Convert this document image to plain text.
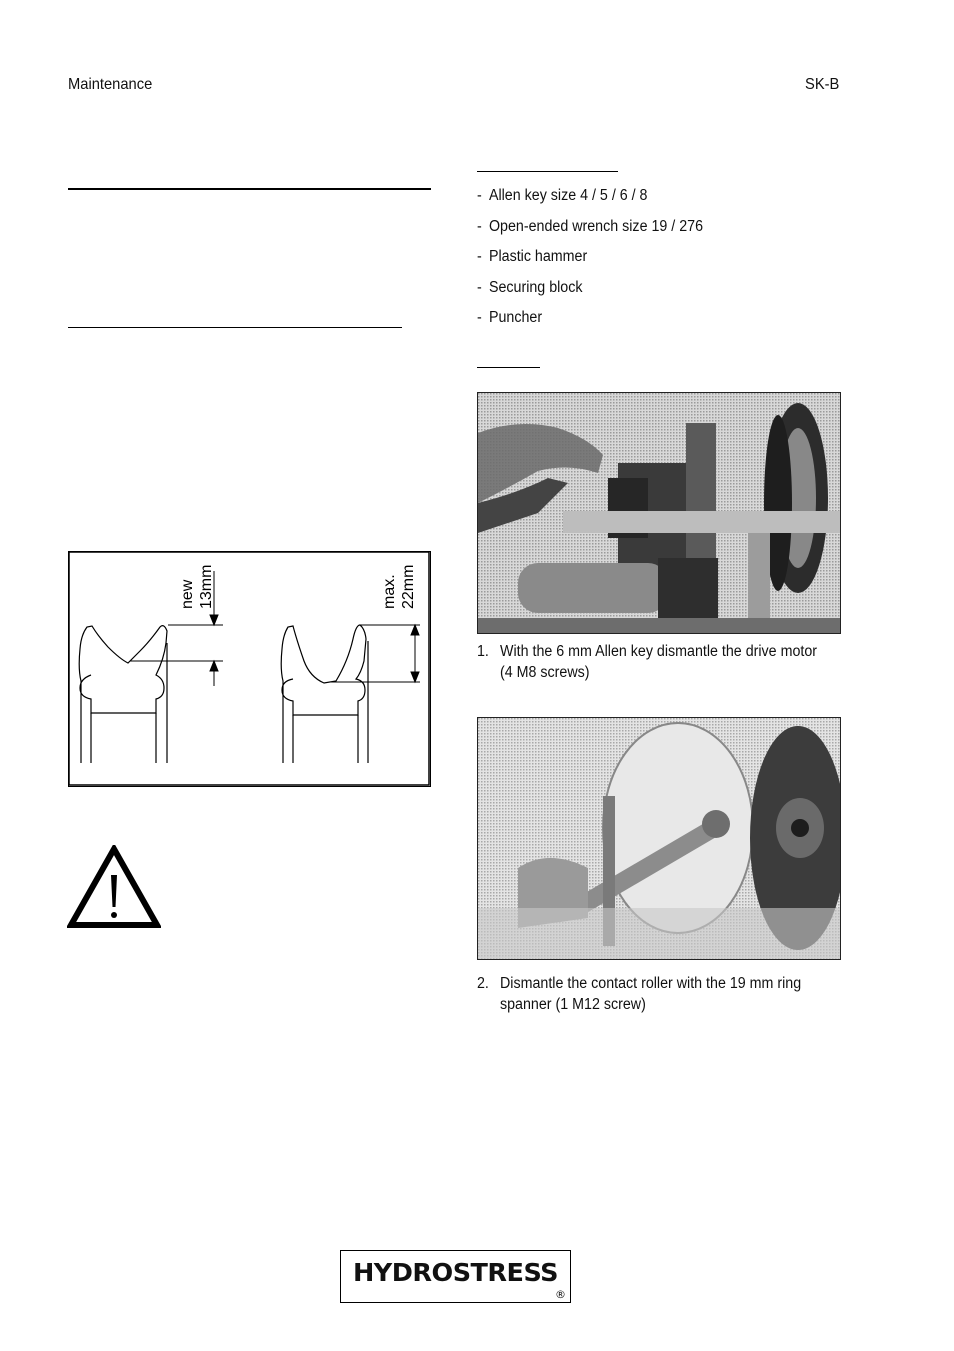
Maintenance	SK-B
- Allen key size 4 / 5 / 6 / 8
- Open-ended wrench size 19 / 276
- Plastic hammer
- Securing block
- Puncher
new 13mm	max. 22mm
1. With the 6 mm Allen key dismantle the drive motor (4 M8 screws)
2. Dismantle the contact roller with the 19 mm ring spanner (1 M12 screw)
HYDROSTRESS
®
